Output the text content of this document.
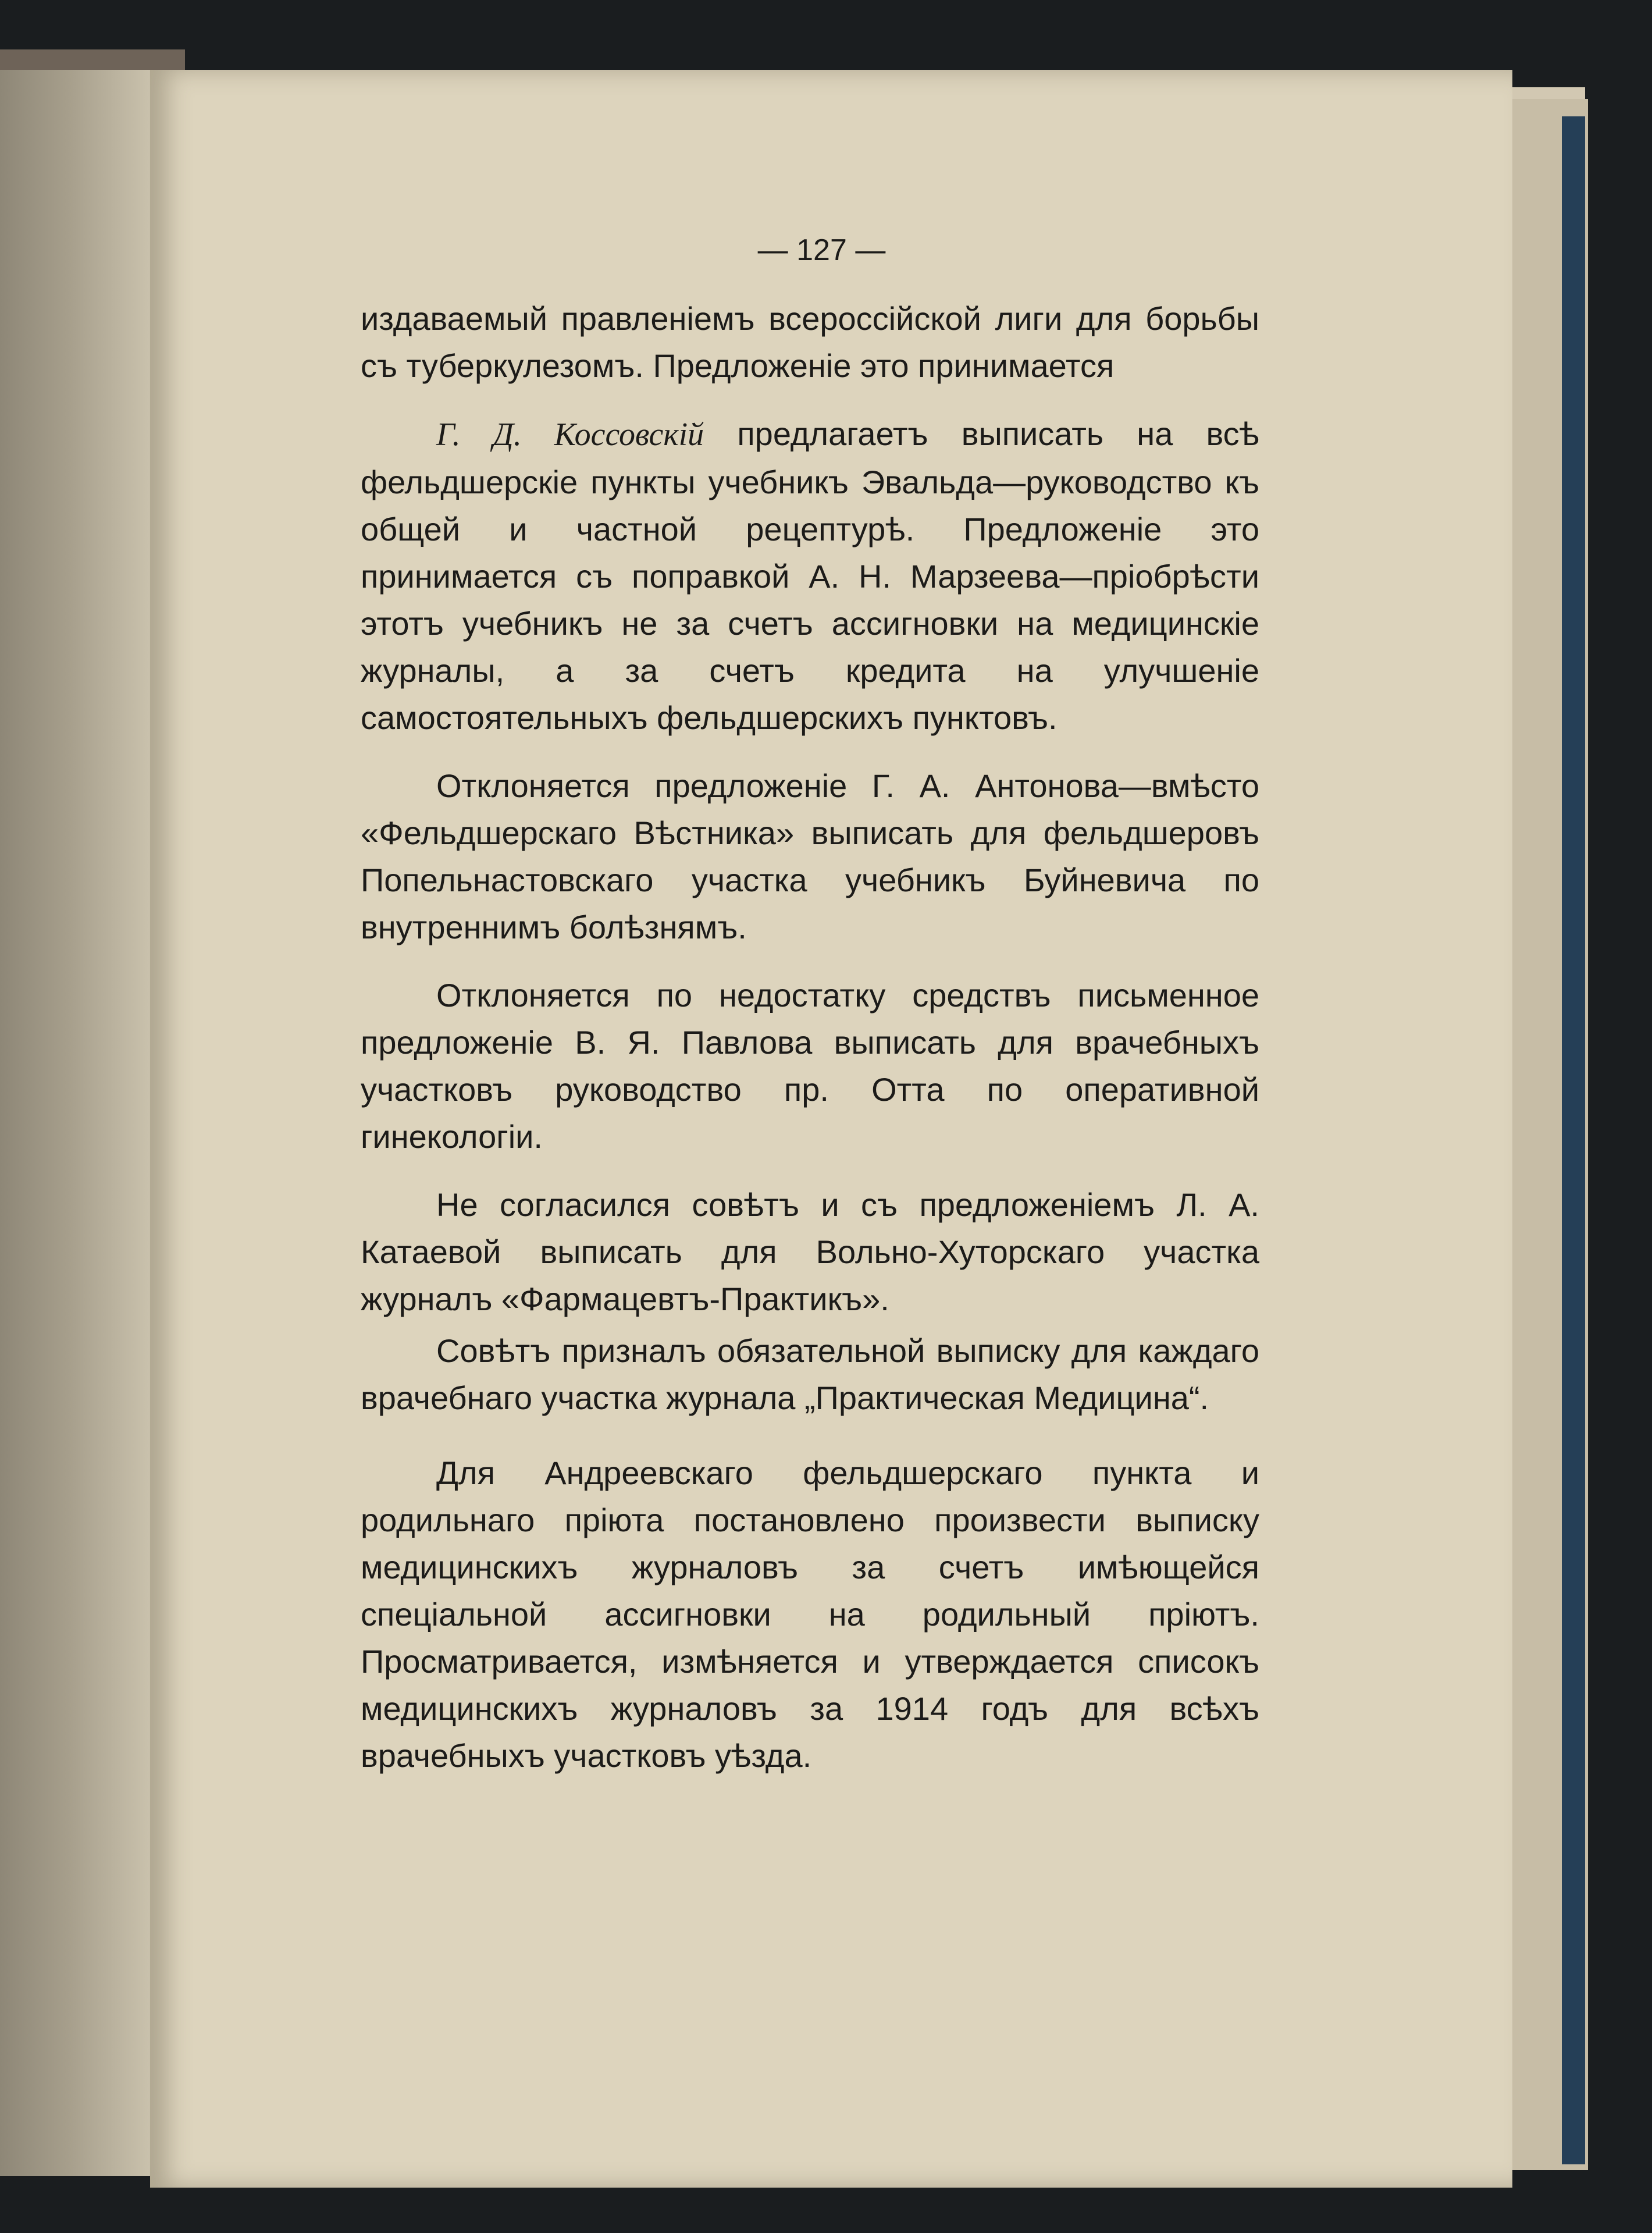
— 127 —

издаваемый правленіемъ всероссійской лиги для борьбы съ туберкулезомъ. Предложеніе это принимается

Г. Д. Коссовскій предлагаетъ выписать на всѣ фельдшерскіе пункты учебникъ Эвальда—руководство къ общей и частной рецептурѣ. Предложеніе это принимается съ поправкой А. Н. Марзеева—пріобрѣсти этотъ учебникъ не за счетъ ассигновки на медицинскіе журналы, а за счетъ кредита на улучшеніе самостоятельныхъ фельдшерскихъ пунктовъ.

Отклоняется предложеніе Г. А. Антонова—вмѣсто «Фельдшерскаго Вѣстника» выписать для фельдшеровъ Попельнастовскаго участка учебникъ Буйневича по внутреннимъ болѣзнямъ.

Отклоняется по недостатку средствъ письменное предложеніе В. Я. Павлова выписать для врачебныхъ участковъ руководство пр. Отта по оперативной гинекологіи.

Не согласился совѣтъ и съ предложеніемъ Л. А. Катаевой выписать для Вольно-Хуторскаго участка журналъ «Фармацевтъ-Практикъ».

Совѣтъ призналъ обязательной выписку для каждаго врачебнаго участка журнала „Практическая Медицина“.

Для Андреевскаго фельдшерскаго пункта и родильнаго пріюта постановлено произвести выписку медицинскихъ журналовъ за счетъ имѣющейся спеціальной ассигновки на родильный пріютъ. Просматривается, измѣняется и утверждается списокъ медицинскихъ журналовъ за 1914 годъ для всѣхъ врачебныхъ участковъ уѣзда.
